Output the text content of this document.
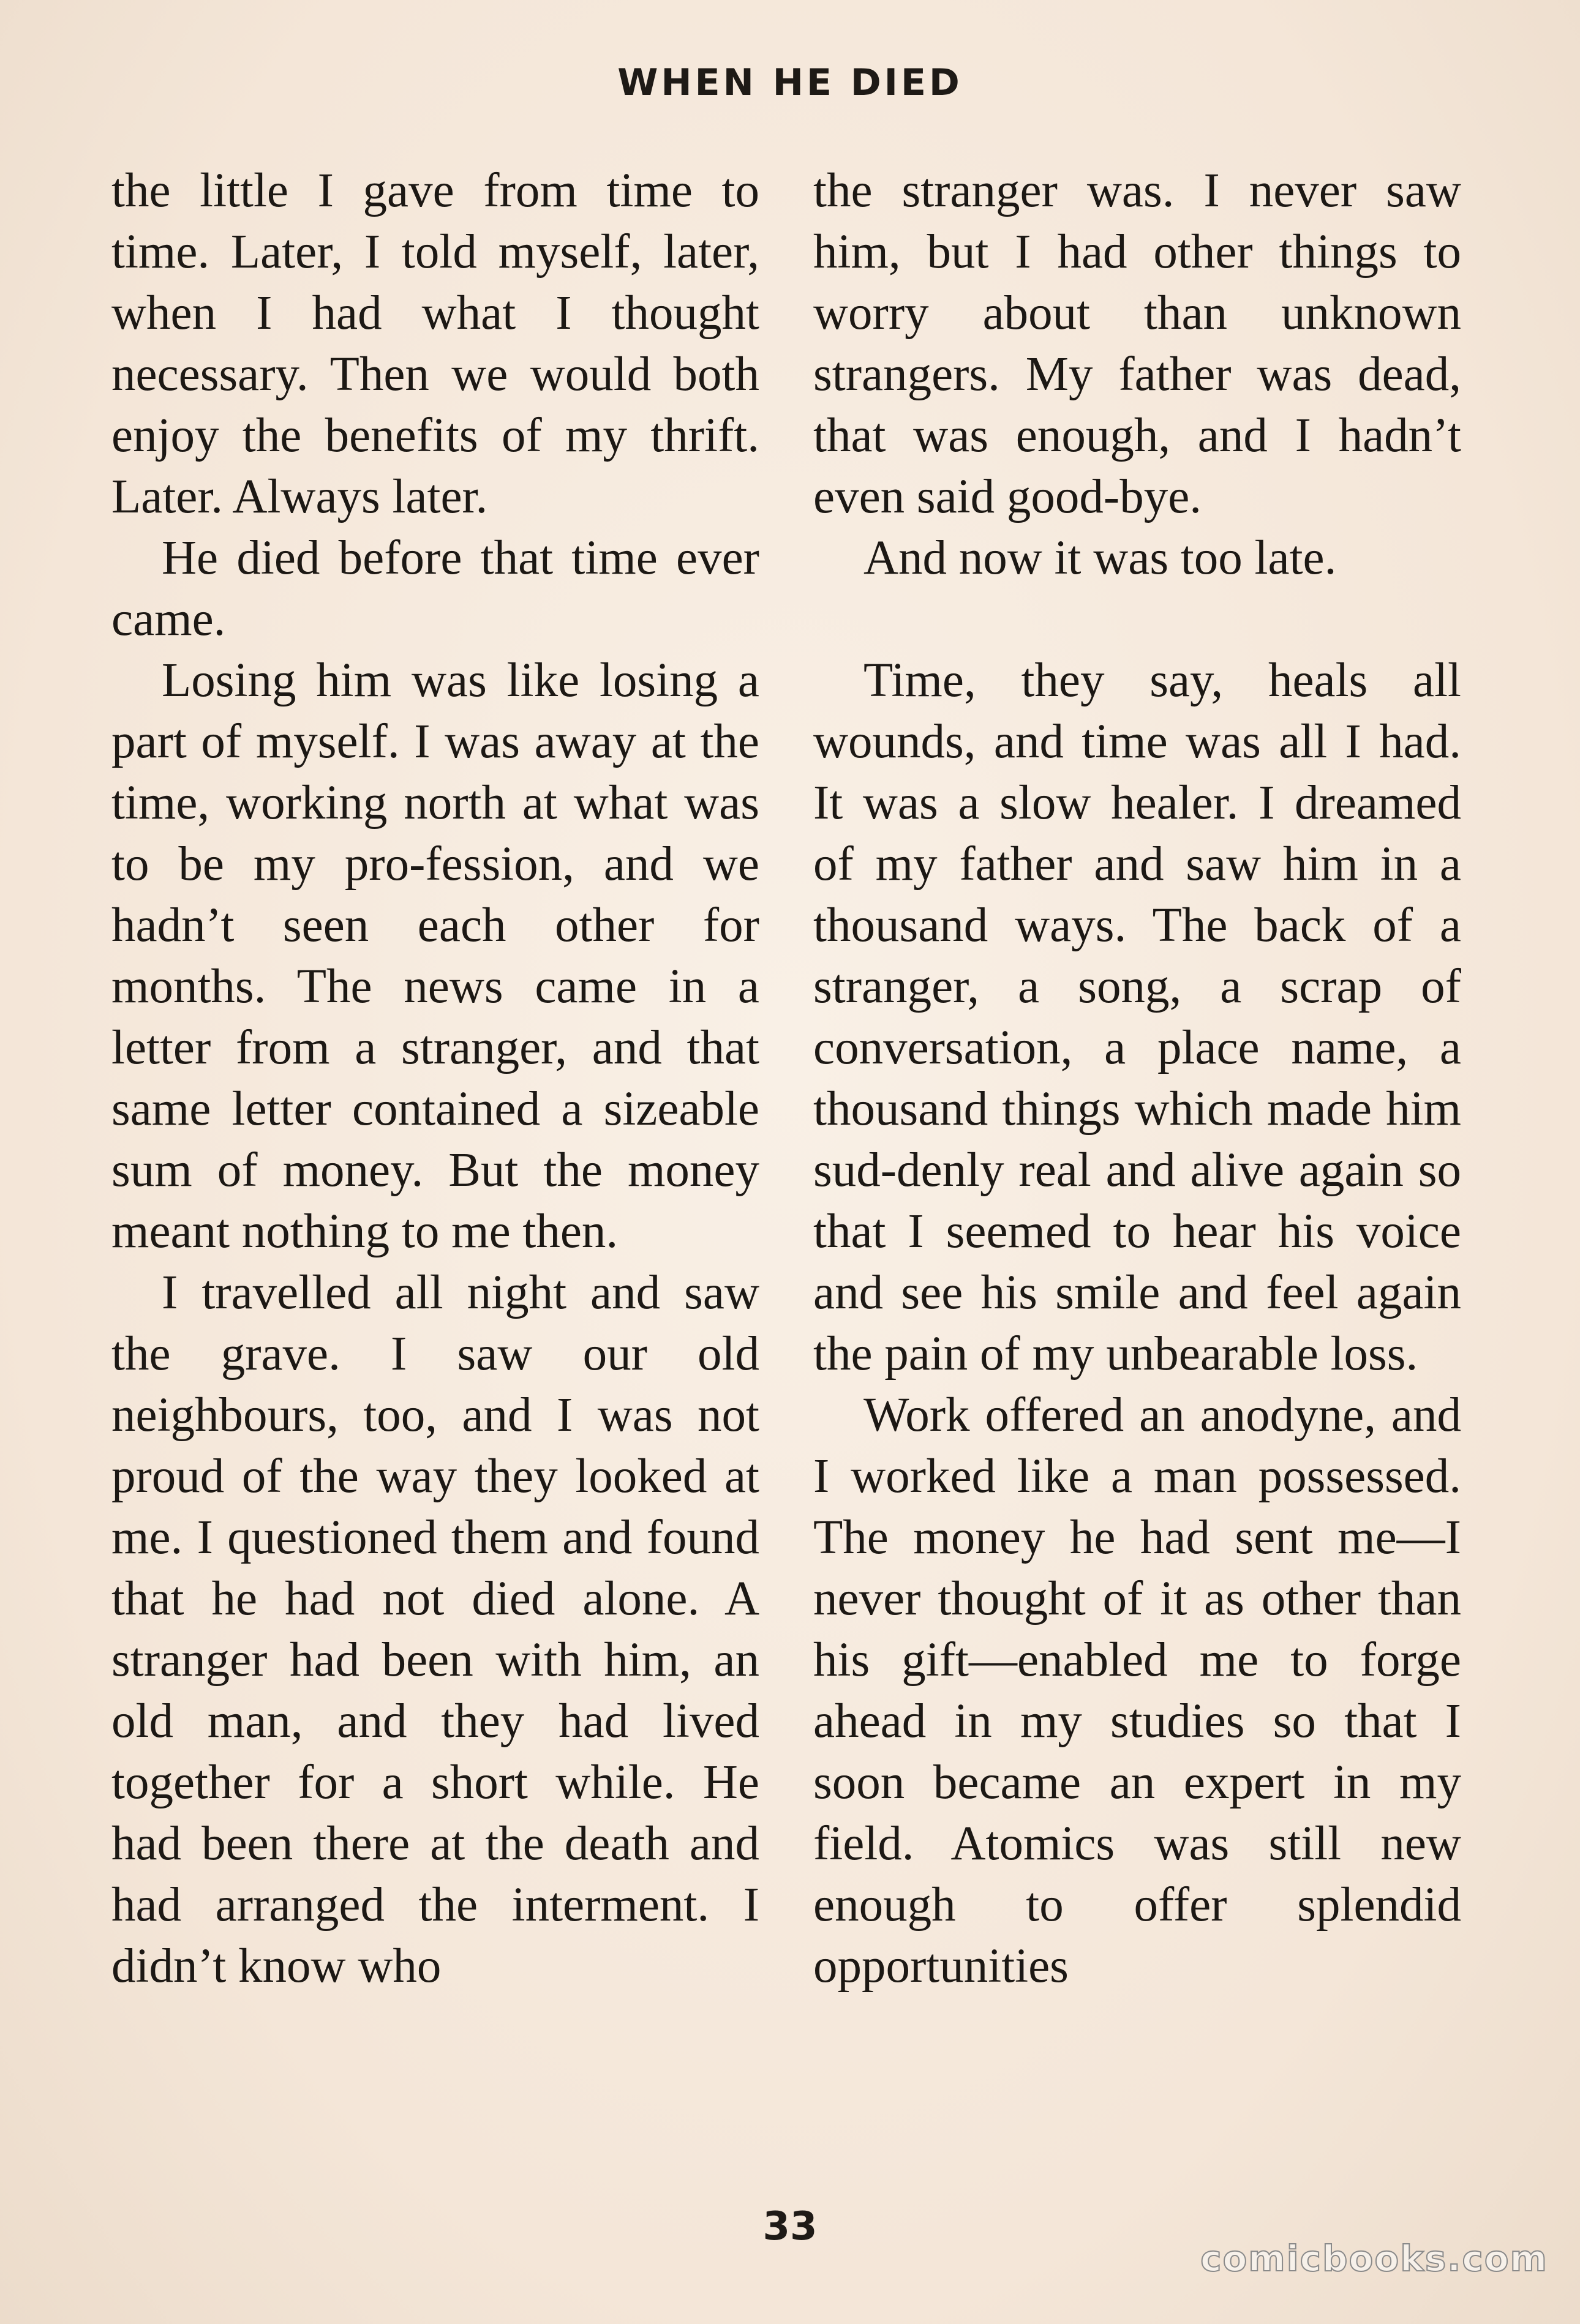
WHEN HE DIED

the little I gave from time to time. Later, I told myself, later, when I had what I thought necessary. Then we would both enjoy the benefits of my thrift. Later. Always later.

He died before that time ever came.

Losing him was like losing a part of myself. I was away at the time, working north at what was to be my pro-fession, and we hadn’t seen each other for months. The news came in a letter from a stranger, and that same letter contained a sizeable sum of money. But the money meant nothing to me then.

I travelled all night and saw the grave. I saw our old neighbours, too, and I was not proud of the way they looked at me. I questioned them and found that he had not died alone. A stranger had been with him, an old man, and they had lived together for a short while. He had been there at the death and had arranged the interment. I didn’t know who

the stranger was. I never saw him, but I had other things to worry about than unknown strangers. My father was dead, that was enough, and I hadn’t even said good-bye.

And now it was too late.

Time, they say, heals all wounds, and time was all I had. It was a slow healer. I dreamed of my father and saw him in a thousand ways. The back of a stranger, a song, a scrap of conversation, a place name, a thousand things which made him sud-denly real and alive again so that I seemed to hear his voice and see his smile and feel again the pain of my unbearable loss.

Work offered an anodyne, and I worked like a man possessed. The money he had sent me—I never thought of it as other than his gift—enabled me to forge ahead in my studies so that I soon became an expert in my field. Atomics was still new enough to offer splendid opportunities

33
comicbooks.com
